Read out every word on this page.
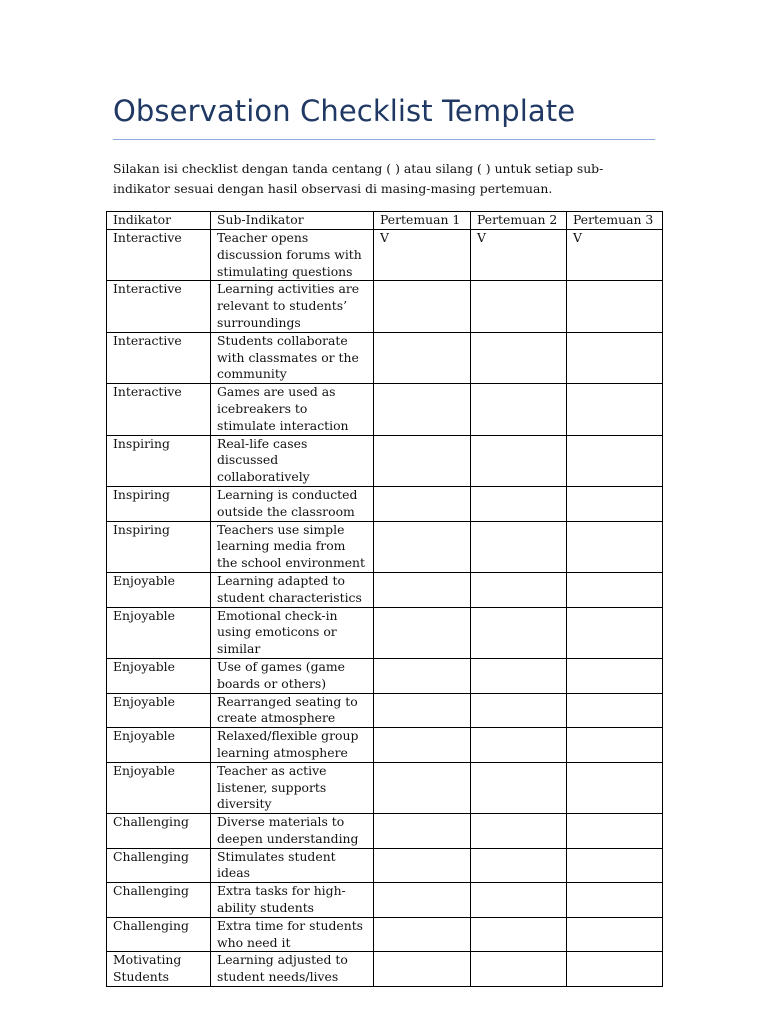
Observation Checklist Template

Silakan isi checklist dengan tanda centang ( ) atau silang ( ) untuk setiap sub-indikator sesuai dengan hasil observasi di masing-masing pertemuan.

Indikator	Sub-Indikator	Pertemuan 1	Pertemuan 2	Pertemuan 3
Interactive	Teacher opens discussion forums with stimulating questions	V	V	V
Interactive	Learning activities are relevant to students’ surroundings			
Interactive	Students collaborate with classmates or the community			
Interactive	Games are used as icebreakers to stimulate interaction			
Inspiring	Real-life cases discussed collaboratively			
Inspiring	Learning is conducted outside the classroom			
Inspiring	Teachers use simple learning media from the school environment			
Enjoyable	Learning adapted to student characteristics			
Enjoyable	Emotional check-in using emoticons or similar			
Enjoyable	Use of games (game boards or others)			
Enjoyable	Rearranged seating to create atmosphere			
Enjoyable	Relaxed/flexible group learning atmosphere			
Enjoyable	Teacher as active listener, supports diversity			
Challenging	Diverse materials to deepen understanding			
Challenging	Stimulates student ideas			
Challenging	Extra tasks for high-ability students			
Challenging	Extra time for students who need it			
Motivating Students	Learning adjusted to student needs/lives			
